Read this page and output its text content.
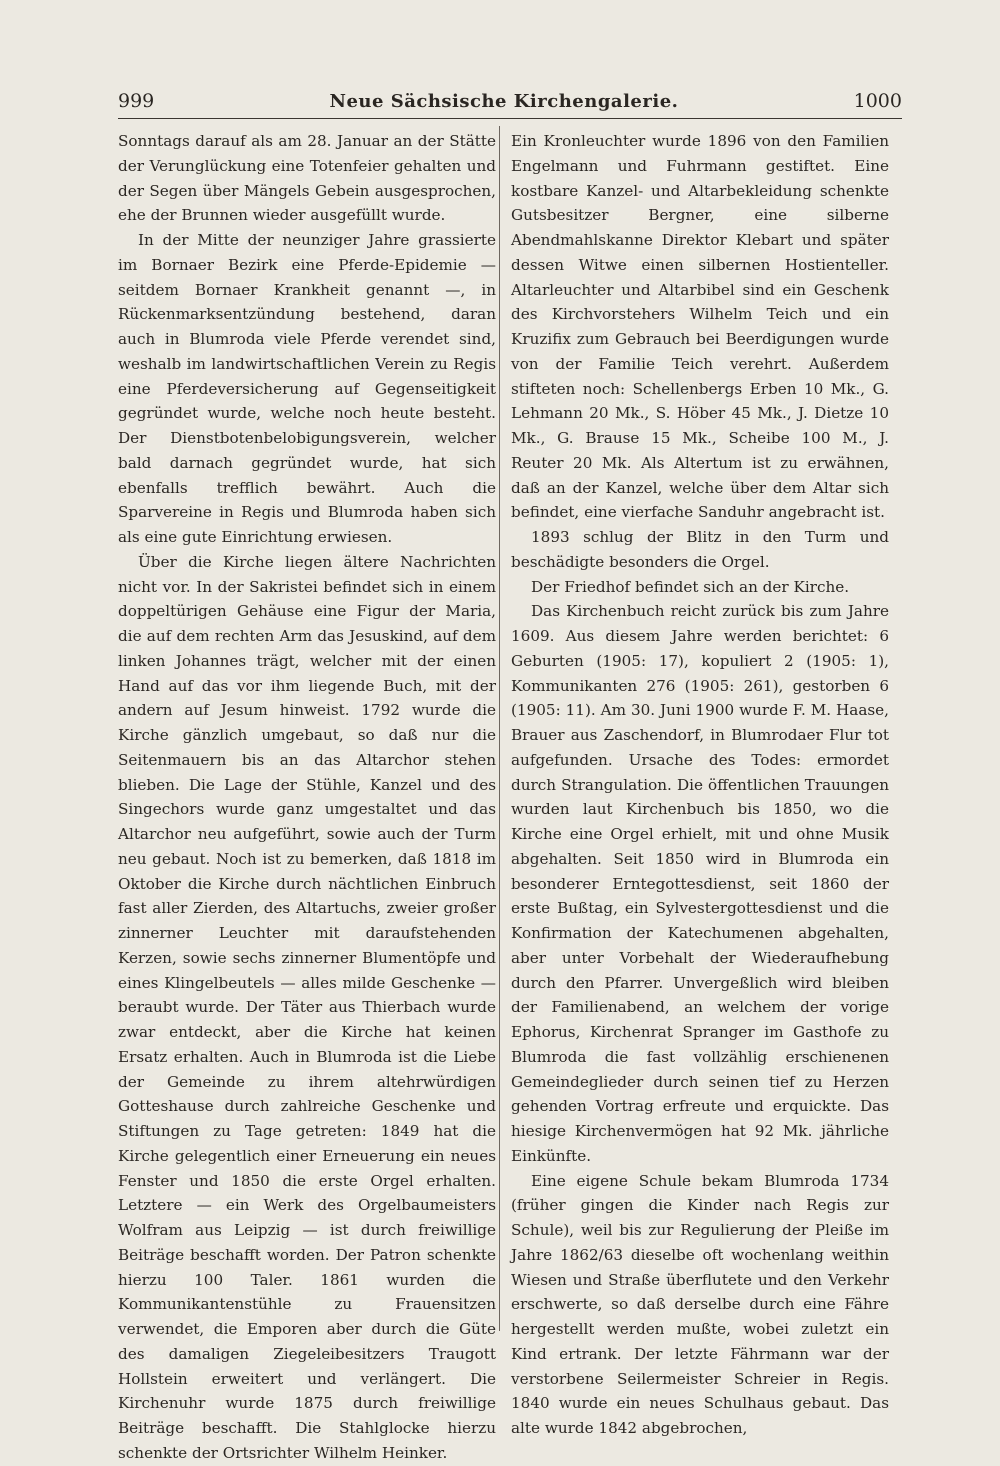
999	Neue Sächsische Kirchengalerie.	1000

Sonntags darauf als am 28. Januar an der Stätte der Verunglückung eine Totenfeier gehalten und der Segen über Mängels Gebein ausgesprochen, ehe der Brunnen wieder ausgefüllt wurde.

In der Mitte der neunziger Jahre grassierte im Bornaer Bezirk eine Pferde-Epidemie — seitdem Bornaer Krankheit genannt —, in Rückenmarksentzündung bestehend, daran auch in Blumroda viele Pferde verendet sind, weshalb im landwirtschaftlichen Verein zu Regis eine Pferdeversicherung auf Gegenseitigkeit gegründet wurde, welche noch heute besteht. Der Dienstbotenbelobigungsverein, welcher bald darnach gegründet wurde, hat sich ebenfalls trefflich bewährt. Auch die Sparvereine in Regis und Blumroda haben sich als eine gute Einrichtung erwiesen.

Über die Kirche liegen ältere Nachrichten nicht vor. In der Sakristei befindet sich in einem doppeltürigen Gehäuse eine Figur der Maria, die auf dem rechten Arm das Jesuskind, auf dem linken Johannes trägt, welcher mit der einen Hand auf das vor ihm liegende Buch, mit der andern auf Jesum hinweist. 1792 wurde die Kirche gänzlich umgebaut, so daß nur die Seitenmauern bis an das Altarchor stehen blieben. Die Lage der Stühle, Kanzel und des Singechors wurde ganz umgestaltet und das Altarchor neu aufgeführt, sowie auch der Turm neu gebaut. Noch ist zu bemerken, daß 1818 im Oktober die Kirche durch nächtlichen Einbruch fast aller Zierden, des Altartuchs, zweier großer zinnerner Leuchter mit daraufstehenden Kerzen, sowie sechs zinnerner Blumentöpfe und eines Klingelbeutels — alles milde Geschenke — beraubt wurde. Der Täter aus Thierbach wurde zwar entdeckt, aber die Kirche hat keinen Ersatz erhalten. Auch in Blumroda ist die Liebe der Gemeinde zu ihrem altehrwürdigen Gotteshause durch zahlreiche Geschenke und Stiftungen zu Tage getreten: 1849 hat die Kirche gelegentlich einer Erneuerung ein neues Fenster und 1850 die erste Orgel erhalten. Letztere — ein Werk des Orgelbaumeisters Wolfram aus Leipzig — ist durch freiwillige Beiträge beschafft worden. Der Patron schenkte hierzu 100 Taler. 1861 wurden die Kommunikantenstühle zu Frauensitzen verwendet, die Emporen aber durch die Güte des damaligen Ziegeleibesitzers Traugott Hollstein erweitert und verlängert. Die Kirchenuhr wurde 1875 durch freiwillige Beiträge beschafft. Die Stahlglocke hierzu schenkte der Ortsrichter Wilhelm Heinker.

Ein Kronleuchter wurde 1896 von den Familien Engelmann und Fuhrmann gestiftet. Eine kostbare Kanzel- und Altarbekleidung schenkte Gutsbesitzer Bergner, eine silberne Abendmahlskanne Direktor Klebart und später dessen Witwe einen silbernen Hostienteller. Altarleuchter und Altarbibel sind ein Geschenk des Kirchvorstehers Wilhelm Teich und ein Kruzifix zum Gebrauch bei Beerdigungen wurde von der Familie Teich verehrt. Außerdem stifteten noch: Schellenbergs Erben 10 Mk., G. Lehmann 20 Mk., S. Höber 45 Mk., J. Dietze 10 Mk., G. Brause 15 Mk., Scheibe 100 M., J. Reuter 20 Mk. Als Altertum ist zu erwähnen, daß an der Kanzel, welche über dem Altar sich befindet, eine vierfache Sanduhr angebracht ist.

1893 schlug der Blitz in den Turm und beschädigte besonders die Orgel.

Der Friedhof befindet sich an der Kirche.

Das Kirchenbuch reicht zurück bis zum Jahre 1609. Aus diesem Jahre werden berichtet: 6 Geburten (1905: 17), kopuliert 2 (1905: 1), Kommunikanten 276 (1905: 261), gestorben 6 (1905: 11). Am 30. Juni 1900 wurde F. M. Haase, Brauer aus Zaschendorf, in Blumrodaer Flur tot aufgefunden. Ursache des Todes: ermordet durch Strangulation. Die öffentlichen Trauungen wurden laut Kirchenbuch bis 1850, wo die Kirche eine Orgel erhielt, mit und ohne Musik abgehalten. Seit 1850 wird in Blumroda ein besonderer Erntegottesdienst, seit 1860 der erste Bußtag, ein Sylvestergottesdienst und die Konfirmation der Katechumenen abgehalten, aber unter Vorbehalt der Wiederaufhebung durch den Pfarrer. Unvergeßlich wird bleiben der Familienabend, an welchem der vorige Ephorus, Kirchenrat Spranger im Gasthofe zu Blumroda die fast vollzählig erschienenen Gemeindeglieder durch seinen tief zu Herzen gehenden Vortrag erfreute und erquickte. Das hiesige Kirchenvermögen hat 92 Mk. jährliche Einkünfte.

Eine eigene Schule bekam Blumroda 1734 (früher gingen die Kinder nach Regis zur Schule), weil bis zur Regulierung der Pleiße im Jahre 1862/63 dieselbe oft wochenlang weithin Wiesen und Straße überflutete und den Verkehr erschwerte, so daß derselbe durch eine Fähre hergestellt werden mußte, wobei zuletzt ein Kind ertrank. Der letzte Fährmann war der verstorbene Seilermeister Schreier in Regis. 1840 wurde ein neues Schulhaus gebaut. Das alte wurde 1842 abgebrochen,
